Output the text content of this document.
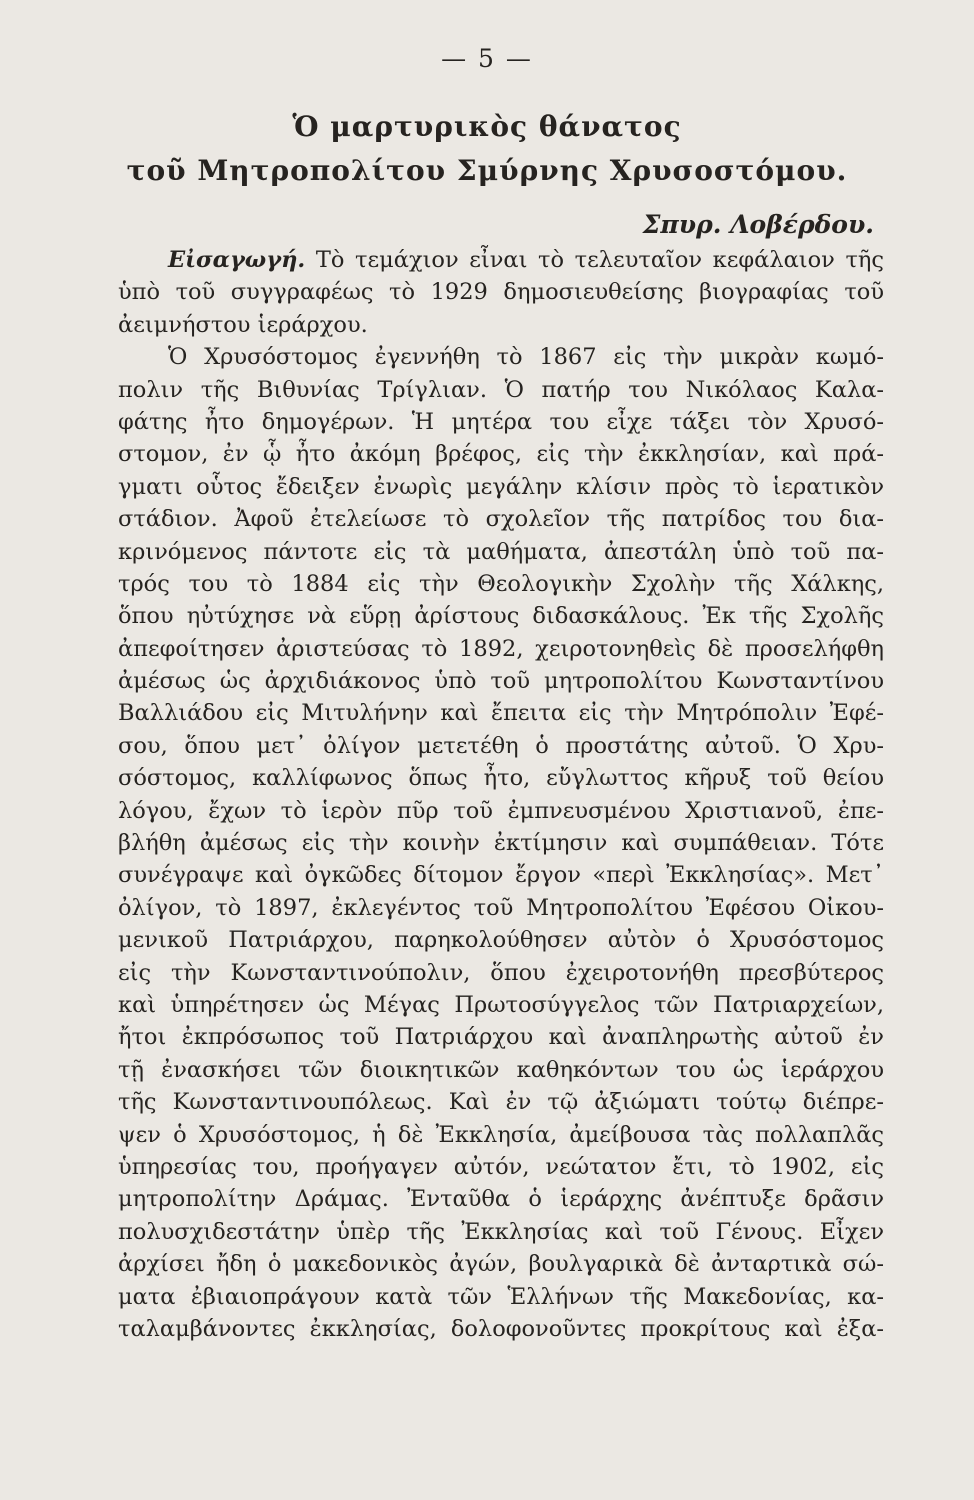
— 5 —
Ὁ μαρτυρικὸς θάνατος
τοῦ Μητροπολίτου Σμύρνης Χρυσοστόμου.
Σπυρ. Λοβέρδου.
Εἰσαγωγή. Τὸ τεμάχιον εἶναι τὸ τελευταῖον κεφάλαιον τῆς
ὑπὸ τοῦ συγγραφέως τὸ 1929 δημοσιευθείσης βιογραφίας τοῦ
ἀειμνήστου ἱεράρχου.
Ὁ Χρυσόστομος ἐγεννήθη τὸ 1867 εἰς τὴν μικρὰν κωμό-
πολιν τῆς Βιθυνίας Τρίγλιαν. Ὁ πατήρ του Νικόλαος Καλα-
φάτης ἦτο δημογέρων. Ἡ μητέρα του εἶχε τάξει τὸν Χρυσό-
στομον, ἐν ᾧ ἦτο ἀκόμη βρέφος, εἰς τὴν ἐκκλησίαν, καὶ πρά-
γματι οὗτος ἔδειξεν ἐνωρὶς μεγάλην κλίσιν πρὸς τὸ ἱερατικὸν
στάδιον. Ἀφοῦ ἐτελείωσε τὸ σχολεῖον τῆς πατρίδος του δια-
κρινόμενος πάντοτε εἰς τὰ μαθήματα, ἀπεστάλη ὑπὸ τοῦ πα-
τρός του τὸ 1884 εἰς τὴν Θεολογικὴν Σχολὴν τῆς Χάλκης,
ὅπου ηὐτύχησε νὰ εὕρῃ ἀρίστους διδασκάλους. Ἐκ τῆς Σχολῆς
ἀπεφοίτησεν ἀριστεύσας τὸ 1892, χειροτονηθεὶς δὲ προσελήφθη
ἀμέσως ὡς ἀρχιδιάκονος ὑπὸ τοῦ μητροπολίτου Κωνσταντίνου
Βαλλιάδου εἰς Μιτυλήνην καὶ ἔπειτα εἰς τὴν Μητρόπολιν Ἐφέ-
σου, ὅπου μετ᾽ ὀλίγον μετετέθη ὁ προστάτης αὐτοῦ. Ὁ Χρυ-
σόστομος, καλλίφωνος ὅπως ἦτο, εὔγλωττος κῆρυξ τοῦ θείου
λόγου, ἔχων τὸ ἱερὸν πῦρ τοῦ ἐμπνευσμένου Χριστιανοῦ, ἐπε-
βλήθη ἀμέσως εἰς τὴν κοινὴν ἐκτίμησιν καὶ συμπάθειαν. Τότε
συνέγραψε καὶ ὀγκῶδες δίτομον ἔργον «περὶ Ἐκκλησίας». Μετ᾽
ὀλίγον, τὸ 1897, ἐκλεγέντος τοῦ Μητροπολίτου Ἐφέσου Οἰκου-
μενικοῦ Πατριάρχου, παρηκολούθησεν αὐτὸν ὁ Χρυσόστομος
εἰς τὴν Κωνσταντινούπολιν, ὅπου ἐχειροτονήθη πρεσβύτερος
καὶ ὑπηρέτησεν ὡς Μέγας Πρωτοσύγγελος τῶν Πατριαρχείων,
ἤτοι ἐκπρόσωπος τοῦ Πατριάρχου καὶ ἀναπληρωτὴς αὐτοῦ ἐν
τῇ ἐνασκήσει τῶν διοικητικῶν καθηκόντων του ὡς ἱεράρχου
τῆς Κωνσταντινουπόλεως. Καὶ ἐν τῷ ἀξιώματι τούτῳ διέπρε-
ψεν ὁ Χρυσόστομος, ἡ δὲ Ἐκκλησία, ἀμείβουσα τὰς πολλαπλᾶς
ὑπηρεσίας του, προήγαγεν αὐτόν, νεώτατον ἔτι, τὸ 1902, εἰς
μητροπολίτην Δράμας. Ἐνταῦθα ὁ ἱεράρχης ἀνέπτυξε δρᾶσιν
πολυσχιδεστάτην ὑπὲρ τῆς Ἐκκλησίας καὶ τοῦ Γένους. Εἶχεν
ἀρχίσει ἤδη ὁ μακεδονικὸς ἀγών, βουλγαρικὰ δὲ ἀνταρτικὰ σώ-
ματα ἐβιαιοπράγουν κατὰ τῶν Ἑλλήνων τῆς Μακεδονίας, κα-
ταλαμβάνοντες ἐκκλησίας, δολοφονοῦντες προκρίτους καὶ ἐξα-
